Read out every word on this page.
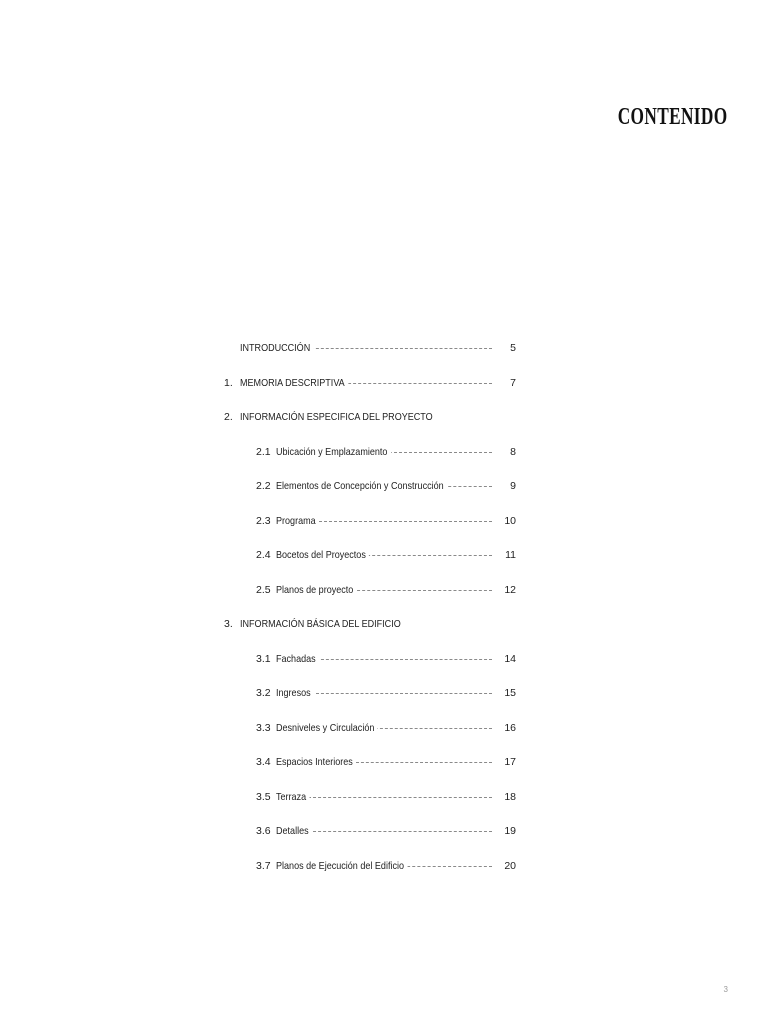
CONTENIDO
INTRODUCCIÓN	5
1. MEMORIA DESCRIPTIVA	7
2. INFORMACIÓN ESPECIFICA DEL PROYECTO
2.1 Ubicación y Emplazamiento	8
2.2 Elementos de Concepción y Construcción	9
2.3 Programa	10
2.4 Bocetos del Proyectos	11
2.5 Planos de proyecto	12
3. INFORMACIÓN BÁSICA DEL EDIFICIO
3.1 Fachadas	14
3.2 Ingresos	15
3.3 Desniveles y Circulación	16
3.4 Espacios Interiores	17
3.5 Terraza	18
3.6 Detalles	19
3.7 Planos de Ejecución del Edificio	20
3
